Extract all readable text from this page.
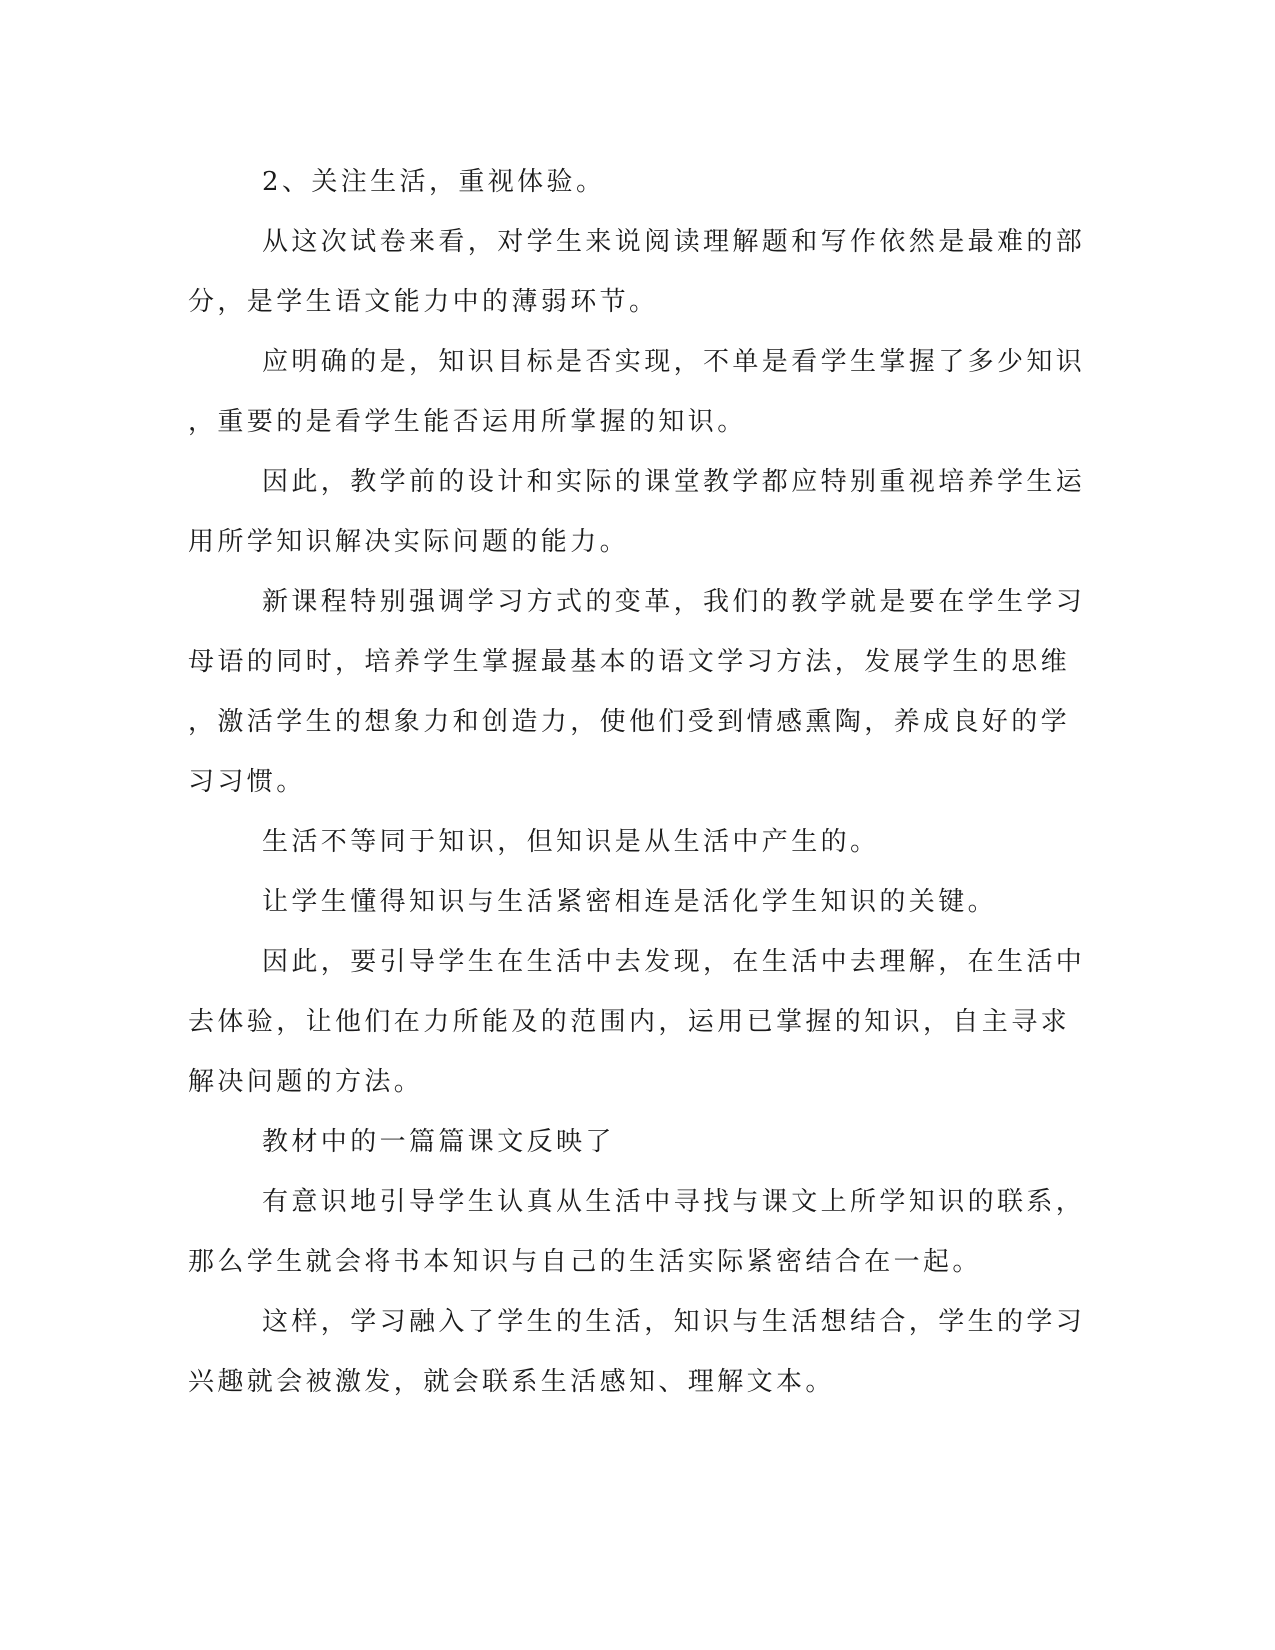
2、关注生活，重视体验。
从这次试卷来看，对学生来说阅读理解题和写作依然是最难的部
分，是学生语文能力中的薄弱环节。
应明确的是，知识目标是否实现，不单是看学生掌握了多少知识
，重要的是看学生能否运用所掌握的知识。
因此，教学前的设计和实际的课堂教学都应特别重视培养学生运
用所学知识解决实际问题的能力。
新课程特别强调学习方式的变革，我们的教学就是要在学生学习
母语的同时，培养学生掌握最基本的语文学习方法，发展学生的思维
，激活学生的想象力和创造力，使他们受到情感熏陶，养成良好的学
习习惯。
生活不等同于知识，但知识是从生活中产生的。
让学生懂得知识与生活紧密相连是活化学生知识的关键。
因此，要引导学生在生活中去发现，在生活中去理解，在生活中
去体验，让他们在力所能及的范围内，运用已掌握的知识，自主寻求
解决问题的方法。
教材中的一篇篇课文反映了
有意识地引导学生认真从生活中寻找与课文上所学知识的联系，
那么学生就会将书本知识与自己的生活实际紧密结合在一起。
这样，学习融入了学生的生活，知识与生活想结合，学生的学习
兴趣就会被激发，就会联系生活感知、理解文本。
